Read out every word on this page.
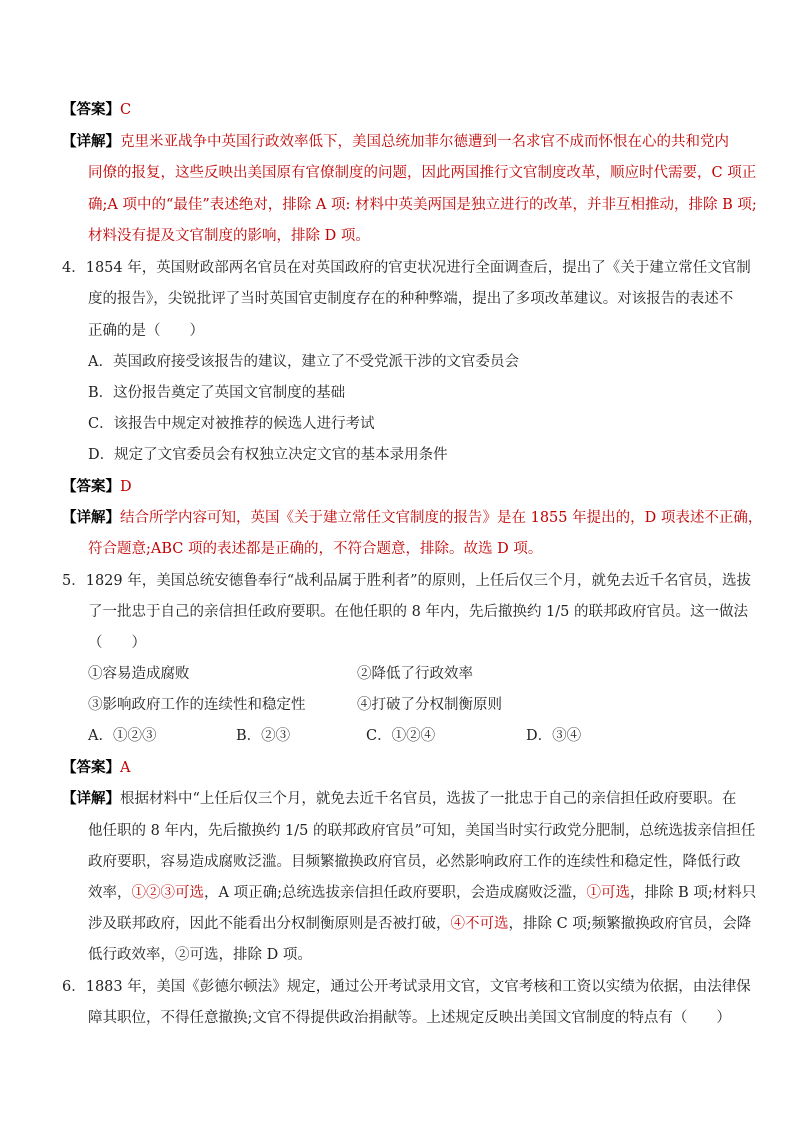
【答案】C
【详解】克里米亚战争中英国行政效率低下，美国总统加菲尔德遭到一名求官不成而怀恨在心的共和党内
同僚的报复，这些反映出美国原有官僚制度的问题，因此两国推行文官制度改革，顺应时代需要，C 项正
确;A 项中的“最佳”表述绝对，排除 A 项: 材料中英美两国是独立进行的改革，并非互相推动，排除 B 项;
材料没有提及文官制度的影响，排除 D 项。
4．1854 年，英国财政部两名官员在对英国政府的官吏状况进行全面调查后，提出了《关于建立常任文官制
度的报告》，尖锐批评了当时英国官吏制度存在的种种弊端，提出了多项改革建议。对该报告的表述不
正确的是（　　）
A．英国政府接受该报告的建议，建立了不受党派干涉的文官委员会
B．这份报告奠定了英国文官制度的基础
C．该报告中规定对被推荐的候选人进行考试
D．规定了文官委员会有权独立决定文官的基本录用条件
【答案】D
【详解】结合所学内容可知，英国《关于建立常任文官制度的报告》是在 1855 年提出的，D 项表述不正确，
符合题意;ABC 项的表述都是正确的，不符合题意，排除。故选 D 项。
5．1829 年，美国总统安德鲁奉行“战利品属于胜利者”的原则，上任后仅三个月，就免去近千名官员，选拔
了一批忠于自己的亲信担任政府要职。在他任职的 8 年内，先后撤换约 1/5 的联邦政府官员。这一做法
（　　）
①容易造成腐败	②降低了行政效率
③影响政府工作的连续性和稳定性	④打破了分权制衡原则
A．①②③	B．②③	C．①②④	D．③④
【答案】A
【详解】根据材料中“上任后仅三个月，就免去近千名官员，选拔了一批忠于自己的亲信担任政府要职。在
他任职的 8 年内，先后撤换约 1/5 的联邦政府官员”可知，美国当时实行政党分肥制，总统选拔亲信担任
政府要职，容易造成腐败泛滥。目频繁撤换政府官员，必然影响政府工作的连续性和稳定性，降低行政
效率，①②③可选，A 项正确;总统选拔亲信担任政府要职，会造成腐败泛滥，①可选，排除 B 项;材料只
涉及联邦政府，因此不能看出分权制衡原则是否被打破，④不可选，排除 C 项;频繁撤换政府官员，会降
低行政效率，②可选，排除 D 项。
6．1883 年，美国《彭德尔顿法》规定，通过公开考试录用文官，文官考核和工资以实绩为依据，由法律保
障其职位，不得任意撤换;文官不得提供政治捐献等。上述规定反映出美国文官制度的特点有（　　）
